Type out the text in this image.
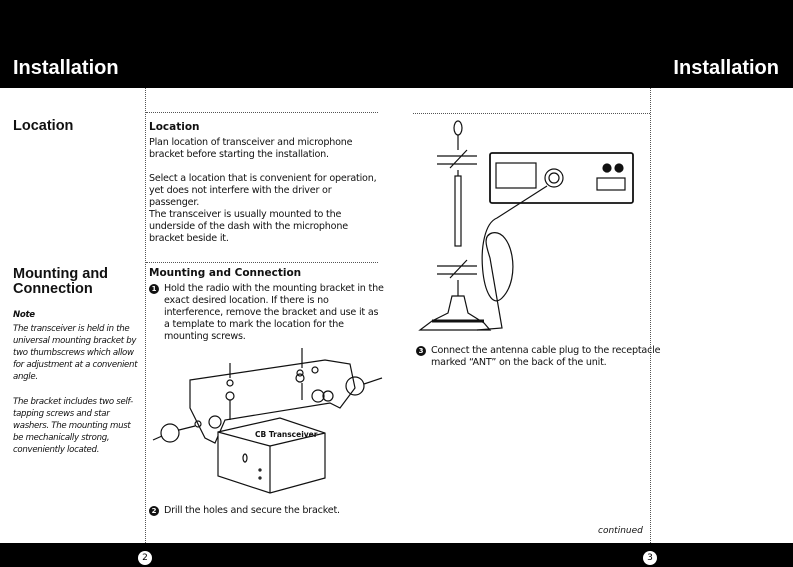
Installation	Installation
Location
Mounting and
Connection
Note
The transceiver is held in the universal mounting bracket by two thumbscrews which allow for adjustment at a convenient angle.
The bracket includes two self-tapping screws and star washers. The mounting must be mechanically strong, conveniently located.
Location
Plan location of transceiver and microphone bracket before starting the installation.
Select a location that is convenient for operation, yet does not interfere with the driver or passenger.
The transceiver is usually mounted to the underside of the dash with the microphone bracket beside it.
Mounting and Connection
1 Hold the radio with the mounting bracket in the exact desired location. If there is no interference, remove the bracket and use it as a template to mark the location for the mounting screws.
CB Transceiver
2 Drill the holes and secure the bracket.
3 Connect the antenna cable plug to the receptacle marked “ANT” on the back of the unit.
continued
2	3
